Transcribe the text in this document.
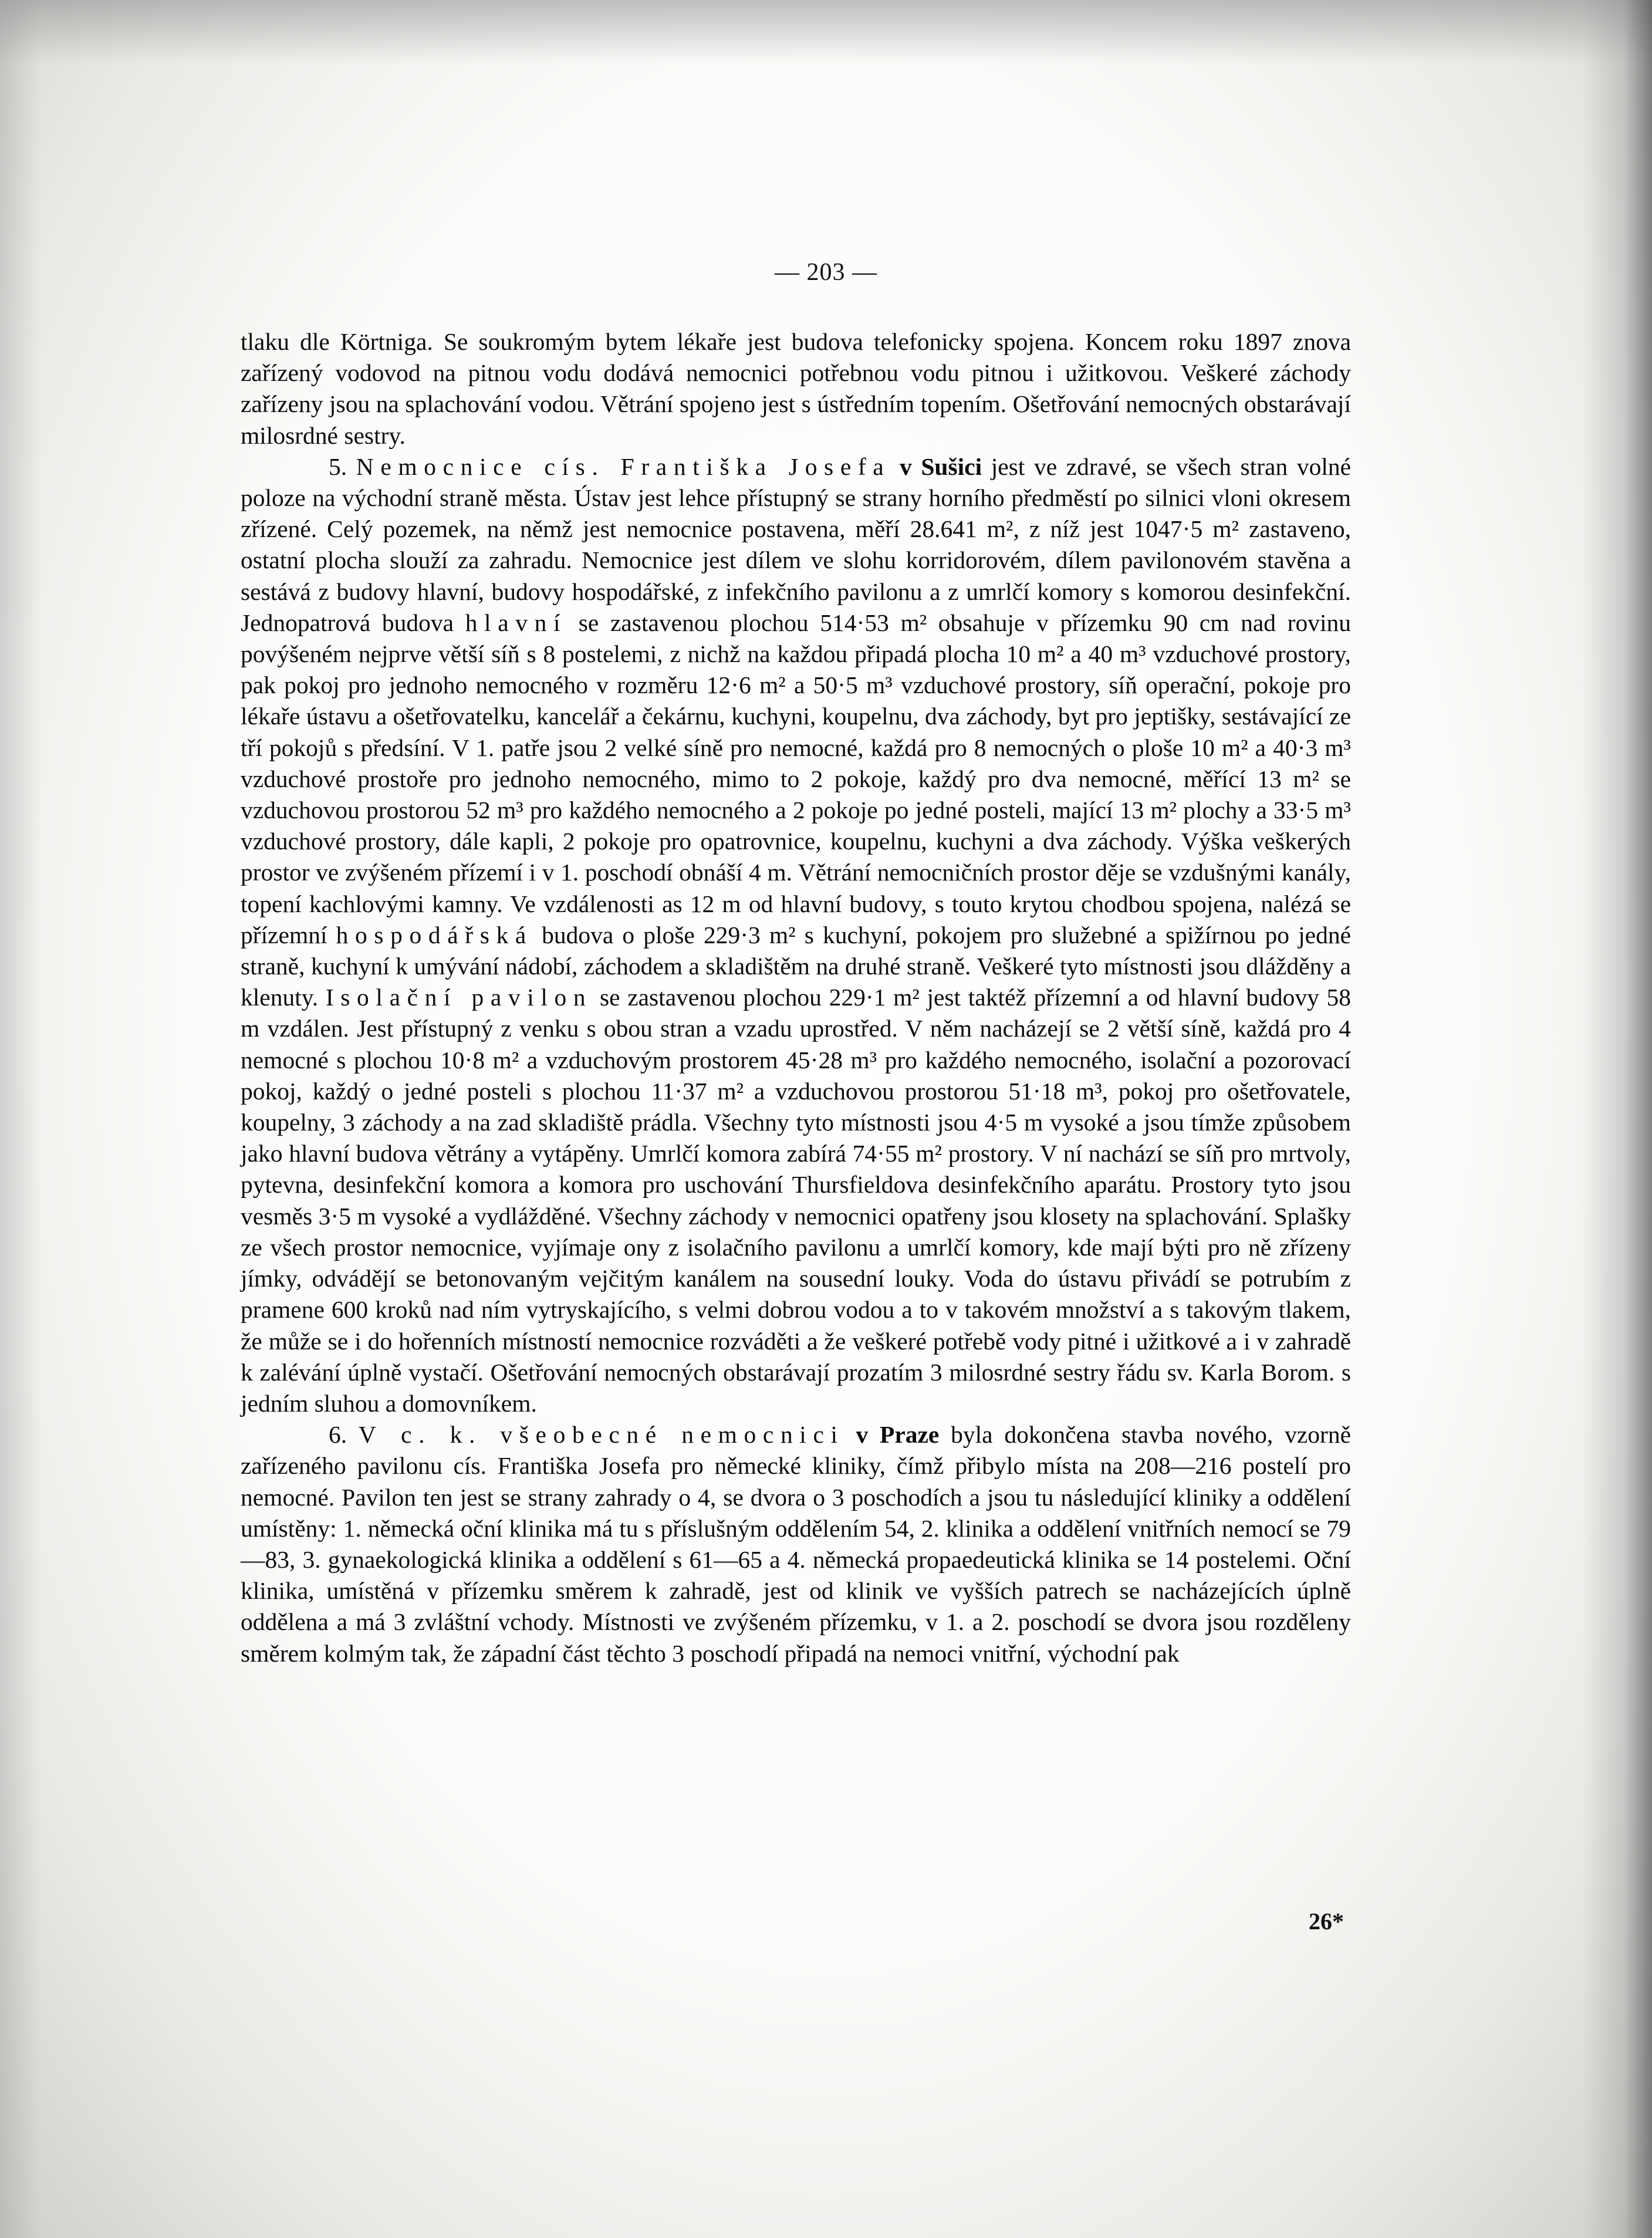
— 203 —

tlaku dle Körtniga. Se soukromým bytem lékaře jest budova telefonicky spojena. Koncem roku 1897 znova zařízený vodovod na pitnou vodu dodává nemocnici potřebnou vodu pitnou i užitkovou. Veškeré záchody zařízeny jsou na splachování vodou. Větrání spojeno jest s ústředním topením. Ošetřování nemocných obstarávají milosrdné sestry.

5. Nemocnice cís. Františka Josefa v Sušici jest ve zdravé, se všech stran volné poloze na východní straně města. Ústav jest lehce přístupný se strany horního předměstí po silnici vloni okresem zřízené. Celý pozemek, na němž jest nemocnice postavena, měří 28.641 m², z níž jest 1047·5 m² zastaveno, ostatní plocha slouží za zahradu. Nemocnice jest dílem ve slohu korridorovém, dílem pavilonovém stavěna a sestává z budovy hlavní, budovy hospodářské, z infekčního pavilonu a z umrlčí komory s komorou desinfekční. Jednopatrová budova hlavní se zastavenou plochou 514·53 m² obsahuje v přízemku 90 cm nad rovinu povýšeném nejprve větší síň s 8 postelemi, z nichž na každou připadá plocha 10 m² a 40 m³ vzduchové prostory, pak pokoj pro jednoho nemocného v rozměru 12·6 m² a 50·5 m³ vzduchové prostory, síň operační, pokoje pro lékaře ústavu a ošetřovatelku, kancelář a čekárnu, kuchyni, koupelnu, dva záchody, byt pro jeptišky, sestávající ze tří pokojů s předsíní. V 1. patře jsou 2 velké síně pro nemocné, každá pro 8 nemocných o ploše 10 m² a 40·3 m³ vzduchové prostoře pro jednoho nemocného, mimo to 2 pokoje, každý pro dva nemocné, měřící 13 m² se vzduchovou prostorou 52 m³ pro každého nemocného a 2 pokoje po jedné posteli, mající 13 m² plochy a 33·5 m³ vzduchové prostory, dále kapli, 2 pokoje pro opatrovnice, koupelnu, kuchyni a dva záchody. Výška veškerých prostor ve zvýšeném přízemí i v 1. poschodí obnáší 4 m. Větrání nemocničních prostor děje se vzdušnými kanály, topení kachlovými kamny. Ve vzdálenosti as 12 m od hlavní budovy, s touto krytou chodbou spojena, nalézá se přízemní hospodářská budova o ploše 229·3 m² s kuchyní, pokojem pro služebné a spižírnou po jedné straně, kuchyní k umývání nádobí, záchodem a skladištěm na druhé straně. Veškeré tyto místnosti jsou dlážděny a klenuty. Isolační pavilon se zastavenou plochou 229·1 m² jest taktéž přízemní a od hlavní budovy 58 m vzdálen. Jest přístupný z venku s obou stran a vzadu uprostřed. V něm nacházejí se 2 větší síně, každá pro 4 nemocné s plochou 10·8 m² a vzduchovým prostorem 45·28 m³ pro každého nemocného, isolační a pozorovací pokoj, každý o jedné posteli s plochou 11·37 m² a vzduchovou prostorou 51·18 m³, pokoj pro ošetřovatele, koupelny, 3 záchody a na zad skladiště prádla. Všechny tyto místnosti jsou 4·5 m vysoké a jsou tímže způsobem jako hlavní budova větrány a vytápěny. Umrlčí komora zabírá 74·55 m² prostory. V ní nachází se síň pro mrtvoly, pytevna, desinfekční komora a komora pro uschování Thursfieldova desinfekčního aparátu. Prostory tyto jsou vesměs 3·5 m vysoké a vydlážděné. Všechny záchody v nemocnici opatřeny jsou klosety na splachování. Splašky ze všech prostor nemocnice, vyjímaje ony z isolačního pavilonu a umrlčí komory, kde mají býti pro ně zřízeny jímky, odvádějí se betonovaným vejčitým kanálem na sousední louky. Voda do ústavu přivádí se potrubím z pramene 600 kroků nad ním vytryskajícího, s velmi dobrou vodou a to v takovém množství a s takovým tlakem, že může se i do hořenních místností nemocnice rozváděti a že veškeré potřebě vody pitné i užitkové a i v zahradě k zalévání úplně vystačí. Ošetřování nemocných obstarávají prozatím 3 milosrdné sestry řádu sv. Karla Borom. s jedním sluhou a domovníkem.

6. V c. k. všeobecné nemocnici v Praze byla dokončena stavba nového, vzorně zařízeného pavilonu cís. Františka Josefa pro německé kliniky, čímž přibylo místa na 208—216 postelí pro nemocné. Pavilon ten jest se strany zahrady o 4, se dvora o 3 poschodích a jsou tu následující kliniky a oddělení umístěny: 1. německá oční klinika má tu s příslušným oddělením 54, 2. klinika a oddělení vnitřních nemocí se 79—83, 3. gynaekologická klinika a oddělení s 61—65 a 4. německá propaedeutická klinika se 14 postelemi. Oční klinika, umístěná v přízemku směrem k zahradě, jest od klinik ve vyšších patrech se nacházejících úplně oddělena a má 3 zvláštní vchody. Místnosti ve zvýšeném přízemku, v 1. a 2. poschodí se dvora jsou rozděleny směrem kolmým tak, že západní část těchto 3 poschodí připadá na nemoci vnitřní, východní pak

26*
